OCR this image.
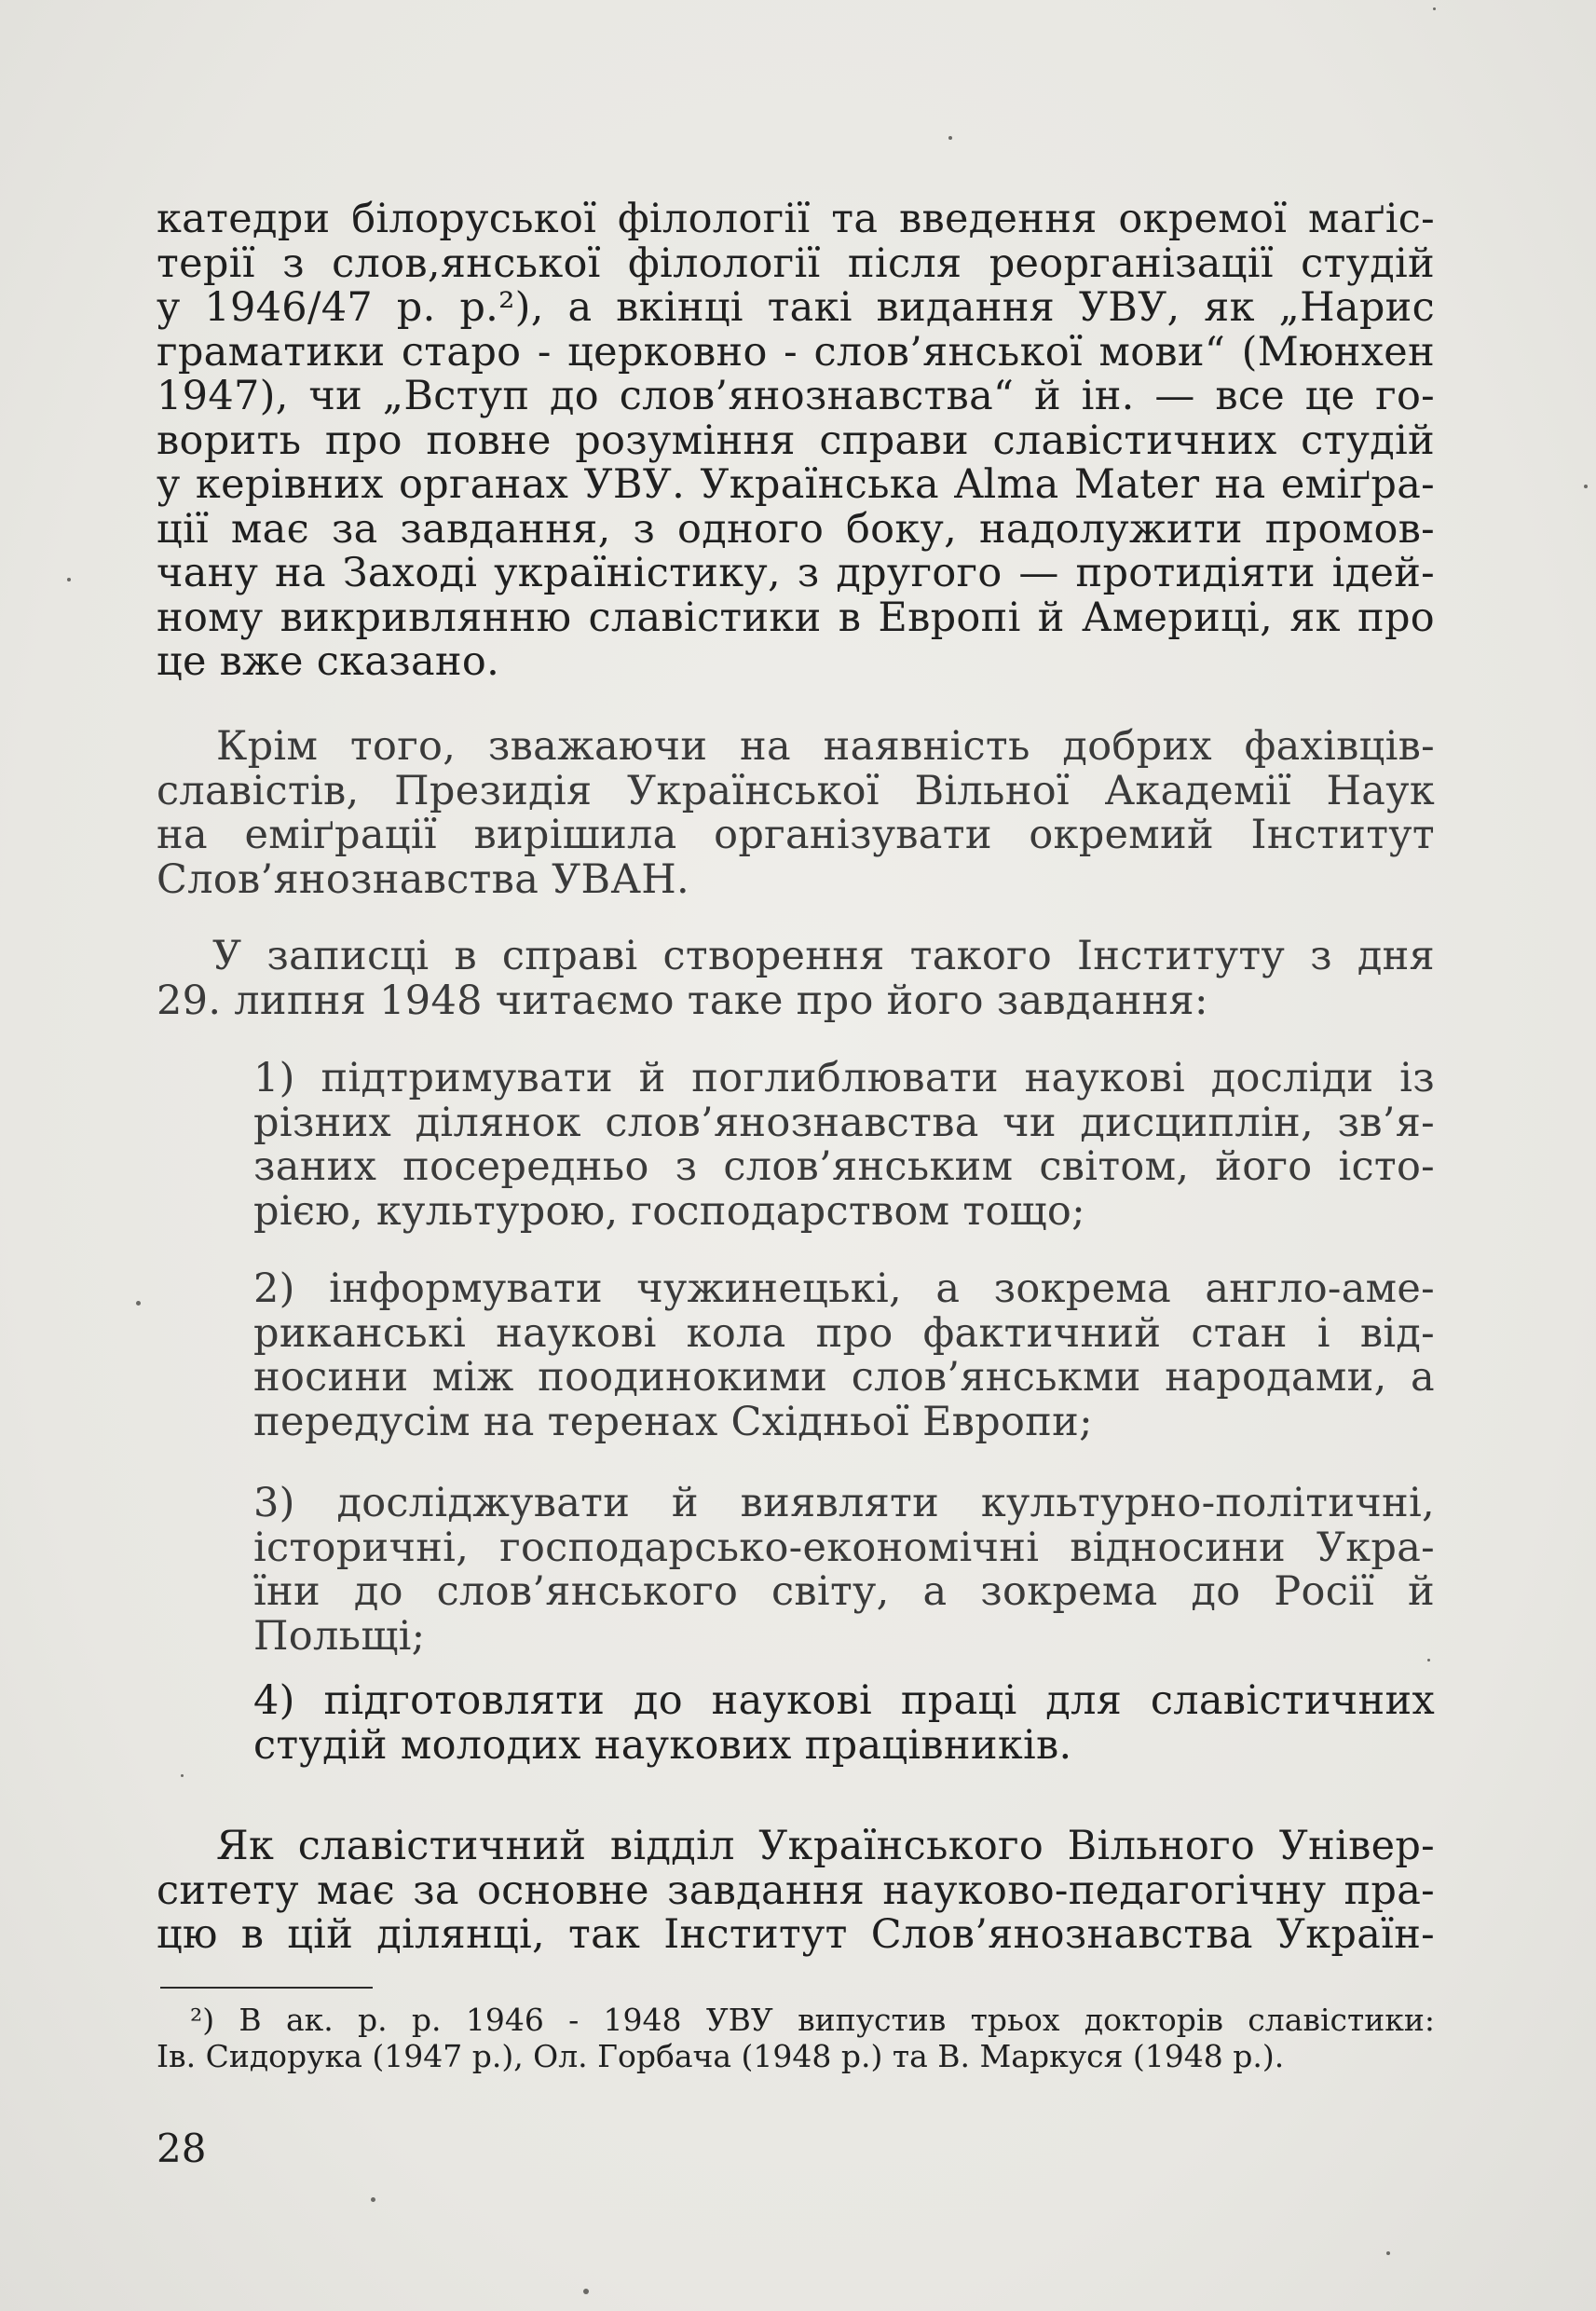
катедри білоруської філології та введення окремої маґіс-
терії з слов,янської філології після реорганізації студій
у 1946/47 р. р.²), а вкінці такі видання УВУ, як „Нарис
граматики старо - церковно - слов’янської мови“ (Мюнхен
1947), чи „Вступ до слов’янознавства“ й ін. — все це го-
ворить про повне розуміння справи славістичних студій
у керівних органах УВУ. Українська Alma Mater на еміґра-
ції має за завдання, з одного боку, надолужити промов-
чану на Заході україністику, з другого — протидіяти ідей-
ному викривлянню славістики в Европі й Америці, як про
це вже сказано.
Крім того, зважаючи на наявність добрих фахівців-
славістів, Президія Української Вільної Академії Наук
на еміґрації вирішила організувати окремий Інститут
Слов’янознавства УВАН.
У записці в справі створення такого Інституту з дня
29. липня 1948 читаємо таке про його завдання:
1) підтримувати й поглиблювати наукові досліди із
різних ділянок слов’янознавства чи дисциплін, зв’я-
заних посередньо з слов’янським світом, його істо-
рією, культурою, господарством тощо;
2) інформувати чужинецькі, а зокрема англо-аме-
риканські наукові кола про фактичний стан і від-
носини між поодинокими слов’янськми народами, а
передусім на теренах Східньої Европи;
3) досліджувати й виявляти культурно-політичні,
історичні, господарсько-економічні відносини Укра-
їни до слов’янського світу, а зокрема до Росії й
Польщі;
4) підготовляти до наукові праці для славістичних
студій молодих наукових працівників.
Як славістичний відділ Українського Вільного Універ-
ситету має за основне завдання науково-педагогічну пра-
цю в цій ділянці, так Інститут Слов’янознавства Україн-
²) В ак. р. р. 1946 - 1948 УВУ випустив трьох докторів славістики:
Ів. Сидорука (1947 р.), Ол. Горбача (1948 р.) та В. Маркуся (1948 р.).
28
